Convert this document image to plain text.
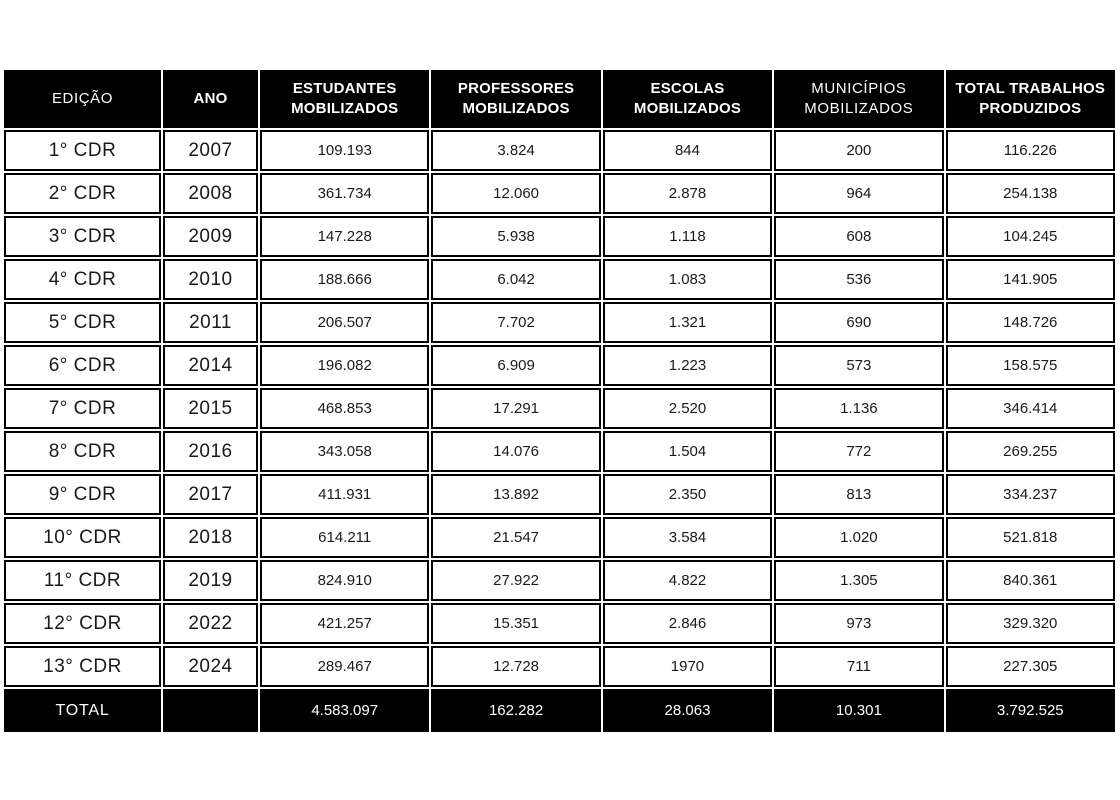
EDIÇÃO	ANO	ESTUDANTES MOBILIZADOS	PROFESSORES MOBILIZADOS	ESCOLAS MOBILIZADOS	MUNICÍPIOS MOBILIZADOS	TOTAL TRABALHOS PRODUZIDOS
1° CDR	2007	109.193	3.824	844	200	116.226
2° CDR	2008	361.734	12.060	2.878	964	254.138
3° CDR	2009	147.228	5.938	1.118	608	104.245
4° CDR	2010	188.666	6.042	1.083	536	141.905
5° CDR	2011	206.507	7.702	1.321	690	148.726
6° CDR	2014	196.082	6.909	1.223	573	158.575
7° CDR	2015	468.853	17.291	2.520	1.136	346.414
8° CDR	2016	343.058	14.076	1.504	772	269.255
9° CDR	2017	411.931	13.892	2.350	813	334.237
10° CDR	2018	614.211	21.547	3.584	1.020	521.818
11° CDR	2019	824.910	27.922	4.822	1.305	840.361
12° CDR	2022	421.257	15.351	2.846	973	329.320
13° CDR	2024	289.467	12.728	1970	711	227.305
TOTAL		4.583.097	162.282	28.063	10.301	3.792.525
